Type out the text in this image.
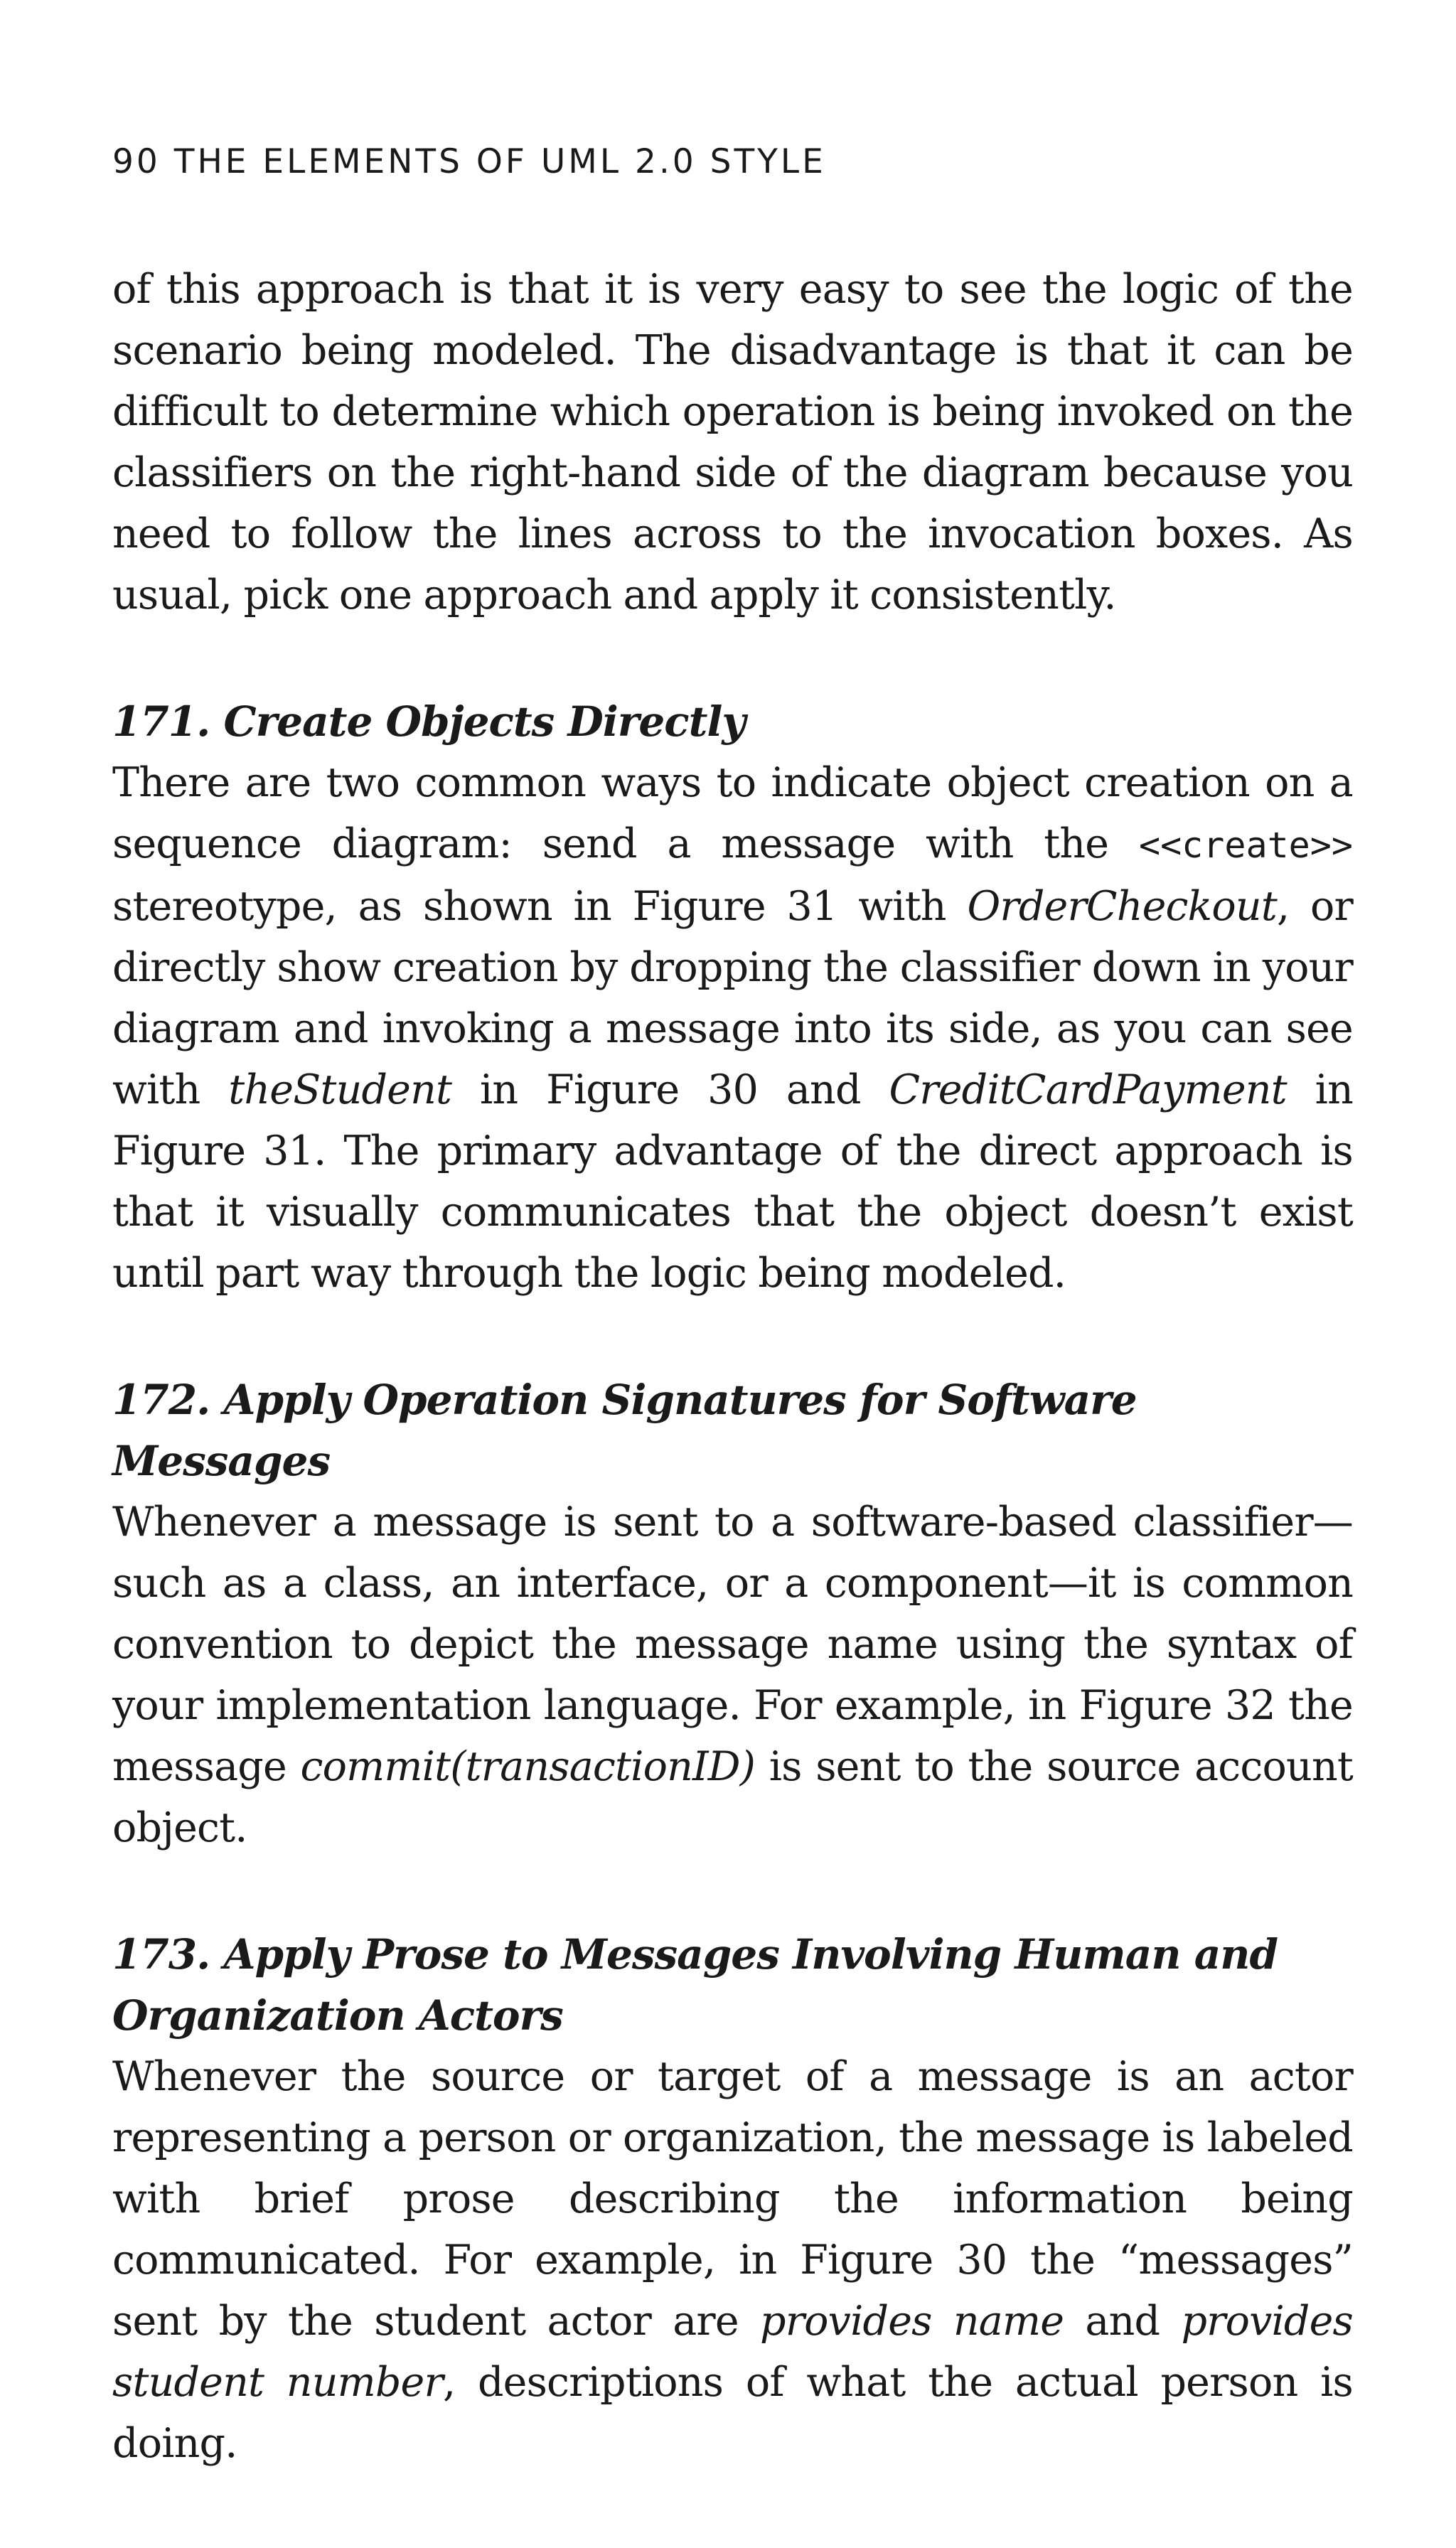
90 THE ELEMENTS OF UML 2.0 STYLE

of this approach is that it is very easy to see the logic of the scenario being modeled. The disadvantage is that it can be difficult to determine which operation is being invoked on the classifiers on the right-hand side of the diagram because you need to follow the lines across to the invocation boxes. As usual, pick one approach and apply it consistently.

171. Create Objects Directly

There are two common ways to indicate object creation on a sequence diagram: send a message with the <<create>> stereotype, as shown in Figure 31 with OrderCheckout, or directly show creation by dropping the classifier down in your diagram and invoking a message into its side, as you can see with theStudent in Figure 30 and CreditCardPayment in Figure 31. The primary advantage of the direct approach is that it visually communicates that the object doesn’t exist until part way through the logic being modeled.

172. Apply Operation Signatures for Software Messages

Whenever a message is sent to a software-based classifier—such as a class, an interface, or a component—it is common convention to depict the message name using the syntax of your implementation language. For example, in Figure 32 the message commit(transactionID) is sent to the source account object.

173. Apply Prose to Messages Involving Human and Organization Actors

Whenever the source or target of a message is an actor representing a person or organization, the message is labeled with brief prose describing the information being communicated. For example, in Figure 30 the “messages” sent by the student actor are provides name and provides student number, descriptions of what the actual person is doing.
